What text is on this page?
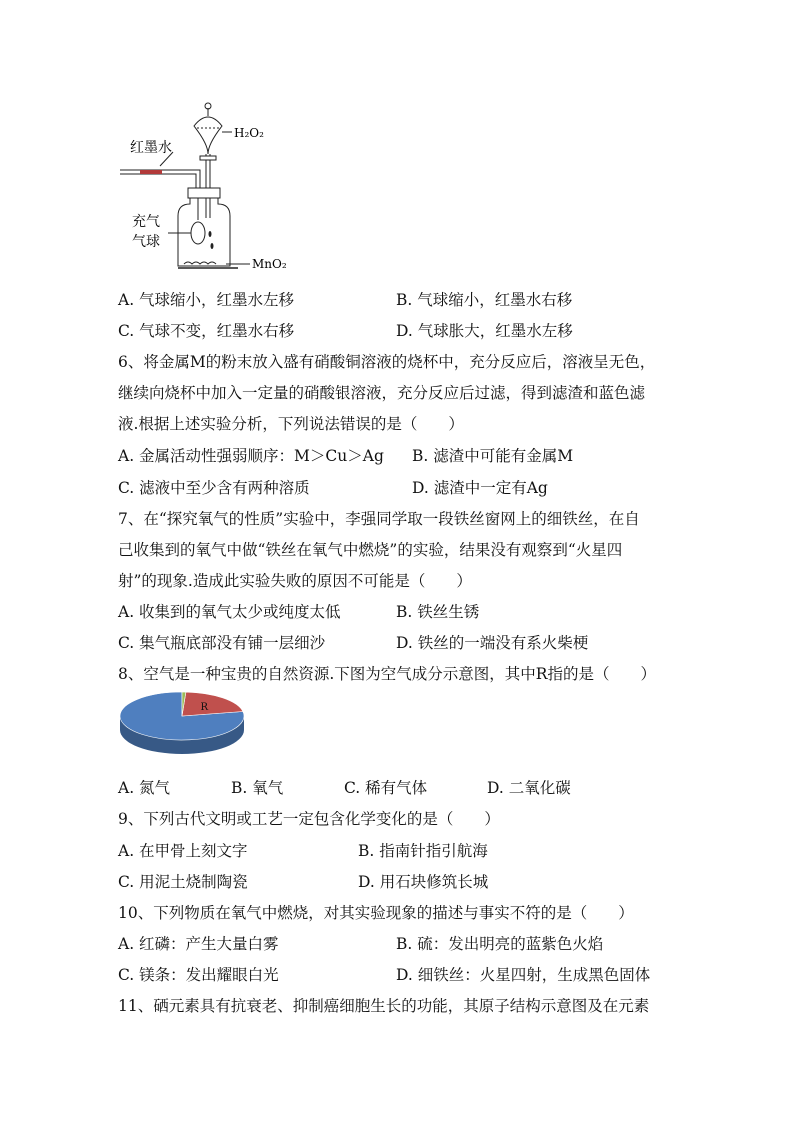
红墨水
H₂O₂
充气
气球
MnO₂
A. 气球缩小，红墨水左移	B. 气球缩小，红墨水右移
C. 气球不变，红墨水右移	D. 气球胀大，红墨水左移
6、将金属M的粉末放入盛有硝酸铜溶液的烧杯中，充分反应后，溶液呈无色，
继续向烧杯中加入一定量的硝酸银溶液，充分反应后过滤，得到滤渣和蓝色滤
液.根据上述实验分析，下列说法错误的是（　　）
A. 金属活动性强弱顺序：M＞Cu＞Ag B. 滤渣中可能有金属M
C. 滤液中至少含有两种溶质	D. 滤渣中一定有Ag
7、在“探究氧气的性质”实验中，李强同学取一段铁丝窗网上的细铁丝，在自
己收集到的氧气中做“铁丝在氧气中燃烧”的实验，结果没有观察到“火星四
射”的现象.造成此实验失败的原因不可能是（　　）
A. 收集到的氧气太少或纯度太低	B. 铁丝生锈
C. 集气瓶底部没有铺一层细沙	D. 铁丝的一端没有系火柴梗
8、空气是一种宝贵的自然资源.下图为空气成分示意图，其中R指的是（　　）
R
A. 氮气	B. 氧气	C. 稀有气体	D. 二氧化碳
9、下列古代文明或工艺一定包含化学变化的是（　　）
A. 在甲骨上刻文字	B. 指南针指引航海
C. 用泥土烧制陶瓷	D. 用石块修筑长城
10、下列物质在氧气中燃烧，对其实验现象的描述与事实不符的是（　　）
A. 红磷：产生大量白雾	B. 硫：发出明亮的蓝紫色火焰
C. 镁条：发出耀眼白光	D. 细铁丝：火星四射，生成黑色固体
11、硒元素具有抗衰老、抑制癌细胞生长的功能，其原子结构示意图及在元素
